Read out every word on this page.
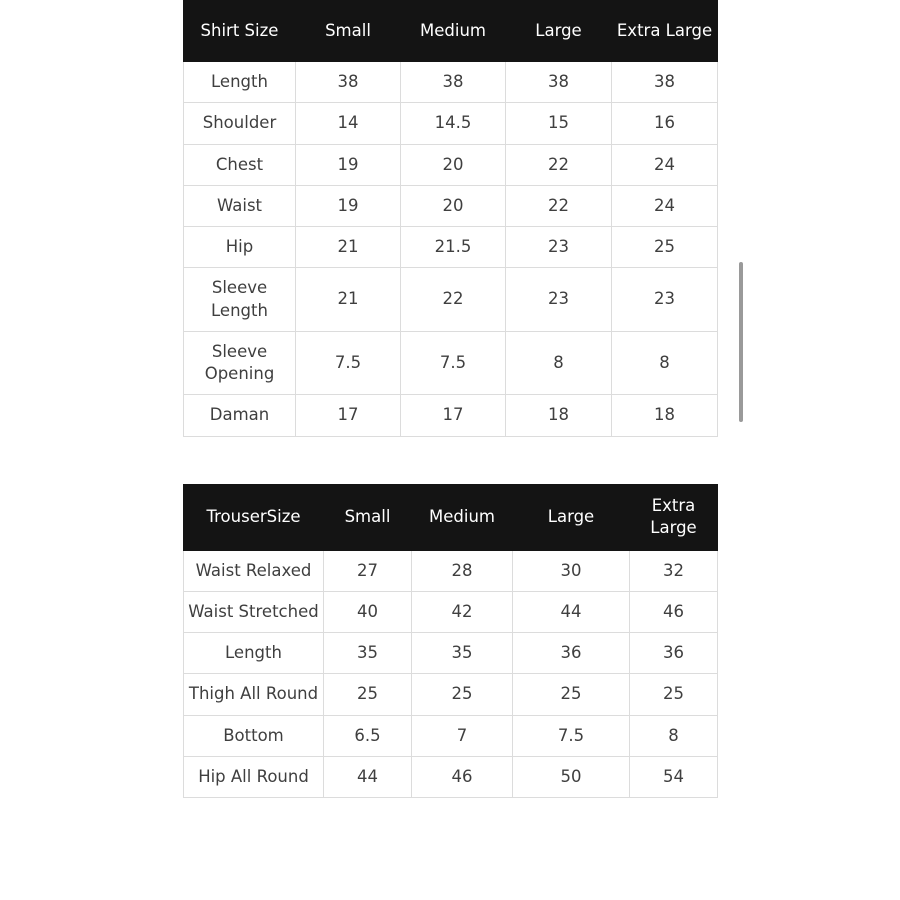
Shirt Size	Small	Medium	Large	Extra Large
Length	38	38	38	38
Shoulder	14	14.5	15	16
Chest	19	20	22	24
Waist	19	20	22	24
Hip	21	21.5	23	25
Sleeve Length	21	22	23	23
Sleeve Opening	7.5	7.5	8	8
Daman	17	17	18	18
TrouserSize	Small	Medium	Large	Extra Large
Waist Relaxed	27	28	30	32
Waist Stretched	40	42	44	46
Length	35	35	36	36
Thigh All Round	25	25	25	25
Bottom	6.5	7	7.5	8
Hip All Round	44	46	50	54
